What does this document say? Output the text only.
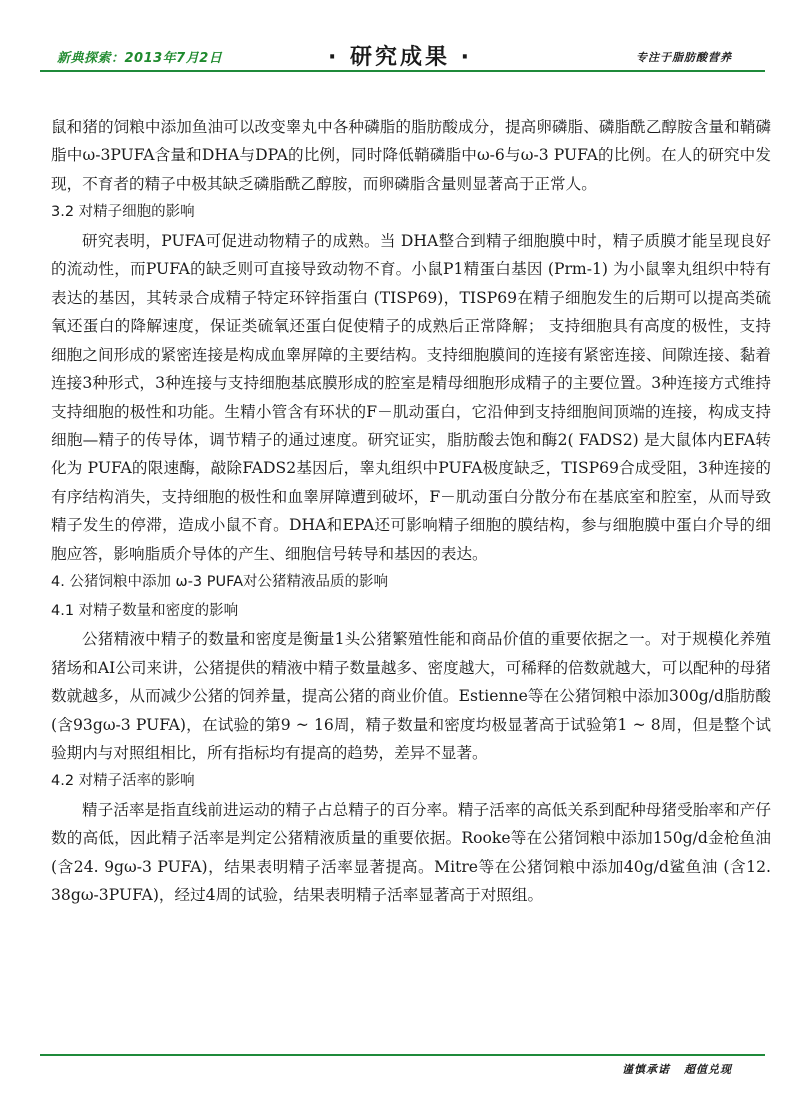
新典探索：2013年7月2日	· 研究成果 ·	专注于脂肪酸营养

鼠和猪的饲粮中添加鱼油可以改变睾丸中各种磷脂的脂肪酸成分，提高卵磷脂、磷脂酰乙醇胺含量和鞘磷脂中ω-3PUFA含量和DHA与DPA的比例，同时降低鞘磷脂中ω-6与ω-3 PUFA的比例。在人的研究中发现，不育者的精子中极其缺乏磷脂酰乙醇胺，而卵磷脂含量则显著高于正常人。

3.2 对精子细胞的影响

研究表明，PUFA可促进动物精子的成熟。当 DHA整合到精子细胞膜中时，精子质膜才能呈现良好的流动性，而PUFA的缺乏则可直接导致动物不育。小鼠P1精蛋白基因 (Prm-1) 为小鼠睾丸组织中特有表达的基因，其转录合成精子特定环锌指蛋白 (TISP69)，TISP69在精子细胞发生的后期可以提高类硫氧还蛋白的降解速度，保证类硫氧还蛋白促使精子的成熟后正常降解； 支持细胞具有高度的极性，支持细胞之间形成的紧密连接是构成血睾屏障的主要结构。支持细胞膜间的连接有紧密连接、间隙连接、黏着连接3种形式，3种连接与支持细胞基底膜形成的腔室是精母细胞形成精子的主要位置。3种连接方式维持支持细胞的极性和功能。生精小管含有环状的F－肌动蛋白，它沿伸到支持细胞间顶端的连接，构成支持细胞—精子的传导体，调节精子的通过速度。研究证实，脂肪酸去饱和酶2( FADS2) 是大鼠体内EFA转化为 PUFA的限速酶，敲除FADS2基因后，睾丸组织中PUFA极度缺乏，TISP69合成受阻，3种连接的有序结构消失，支持细胞的极性和血睾屏障遭到破坏，F－肌动蛋白分散分布在基底室和腔室，从而导致精子发生的停滞，造成小鼠不育。DHA和EPA还可影响精子细胞的膜结构，参与细胞膜中蛋白介导的细胞应答，影响脂质介导体的产生、细胞信号转导和基因的表达。

4. 公猪饲粮中添加 ω-3 PUFA对公猪精液品质的影响

4.1 对精子数量和密度的影响

公猪精液中精子的数量和密度是衡量1头公猪繁殖性能和商品价值的重要依据之一。对于规模化养殖猪场和AI公司来讲，公猪提供的精液中精子数量越多、密度越大，可稀释的倍数就越大，可以配种的母猪数就越多，从而减少公猪的饲养量，提高公猪的商业价值。Estienne等在公猪饲粮中添加300g/d脂肪酸 (含93gω-3 PUFA)，在试验的第9 ~ 16周，精子数量和密度均极显著高于试验第1 ~ 8周，但是整个试验期内与对照组相比，所有指标均有提高的趋势，差异不显著。

4.2 对精子活率的影响

精子活率是指直线前进运动的精子占总精子的百分率。精子活率的高低关系到配种母猪受胎率和产仔数的高低，因此精子活率是判定公猪精液质量的重要依据。Rooke等在公猪饲粮中添加150g/d金枪鱼油 (含24. 9gω-3 PUFA)，结果表明精子活率显著提高。Mitre等在公猪饲粮中添加40g/d鲨鱼油 (含12. 38gω-3PUFA)，经过4周的试验，结果表明精子活率显著高于对照组。

谨慎承诺 超值兑现
